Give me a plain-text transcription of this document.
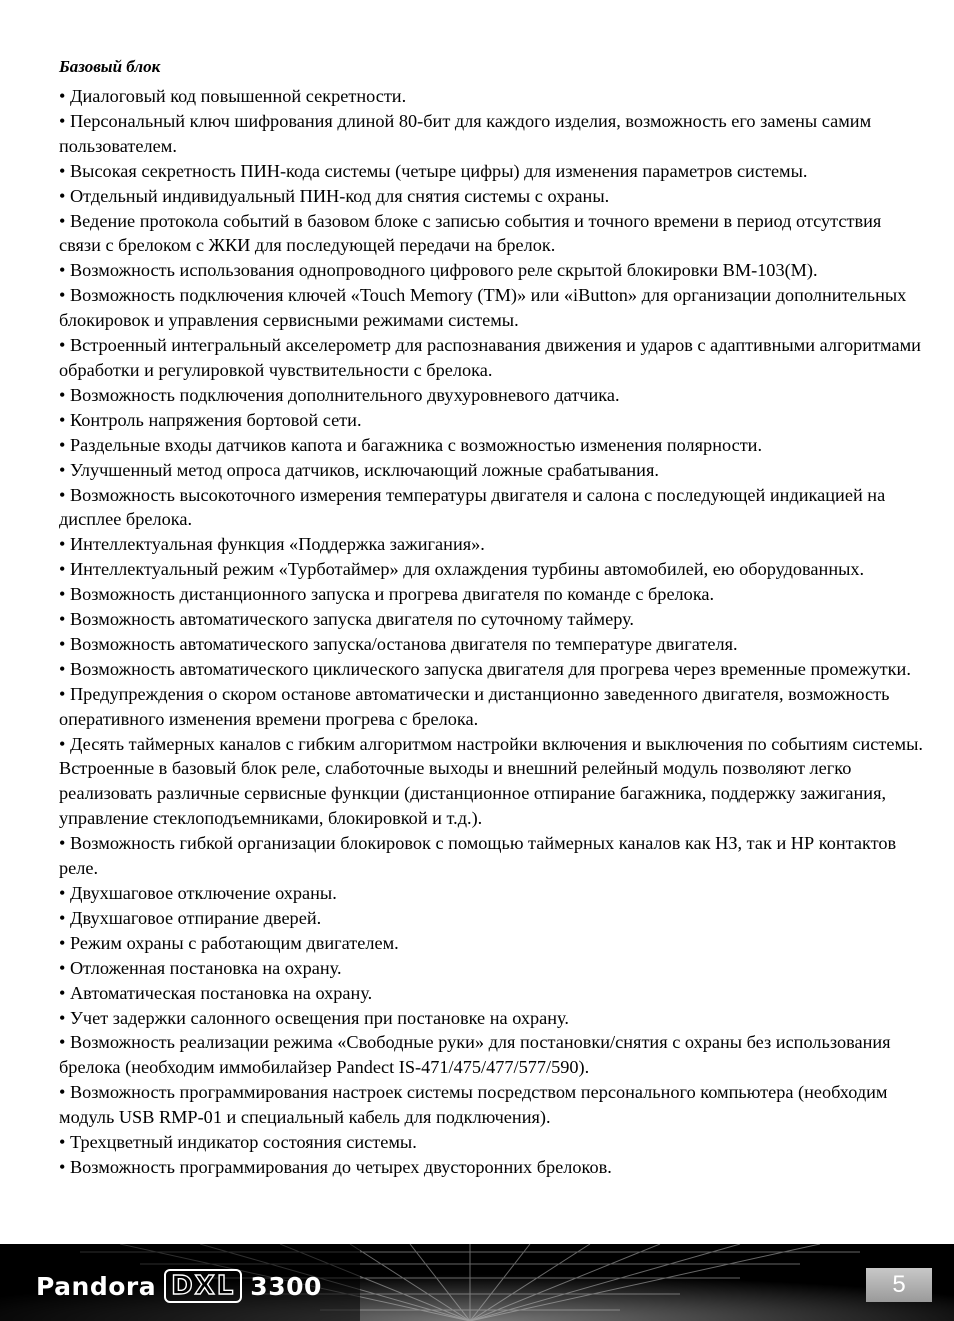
Базовый блок
• Диалоговый код повышенной секретности.
• Персональный ключ шифрования длиной 80-бит для каждого изделия, возможность его замены самим пользователем.
• Высокая секретность ПИН-кода системы (четыре цифры) для изменения параметров системы.
• Отдельный индивидуальный ПИН-код для снятия системы с охраны.
• Ведение протокола событий в базовом блоке с записью события и точного времени в период отсутствия связи с брелоком с ЖКИ для последующей передачи на брелок.
• Возможность использования однопроводного цифрового реле скрытой блокировки BM-103(M).
• Возможность подключения ключей «Touch Memory (TM)» или «iButton» для организации дополнительных блокировок и управления сервисными режимами системы.
• Встроенный интегральный акселерометр для распознавания движения и ударов с адаптивными алгоритмами обработки и регулировкой чувствительности с брелока.
• Возможность подключения дополнительного двухуровневого датчика.
• Контроль напряжения бортовой сети.
• Раздельные входы датчиков капота и багажника с возможностью изменения полярности.
• Улучшенный метод опроса датчиков, исключающий ложные срабатывания.
• Возможность высокоточного измерения температуры двигателя и салона с последующей индикацией на дисплее брелока.
• Интеллектуальная функция «Поддержка зажигания».
• Интеллектуальный режим «Турботаймер» для охлаждения турбины автомобилей, ею оборудованных.
• Возможность дистанционного запуска и прогрева двигателя по команде с брелока.
• Возможность автоматического запуска двигателя по суточному таймеру.
• Возможность автоматического запуска/останова двигателя по температуре двигателя.
• Возможность автоматического циклического запуска двигателя для прогрева через временные промежутки.
• Предупреждения о скором останове автоматически и дистанционно заведенного двигателя, возможность оперативного изменения времени прогрева с брелока.
• Десять таймерных каналов с гибким алгоритмом настройки включения и выключения по событиям системы. Встроенные в базовый блок реле, слаботочные выходы и внешний релейный модуль позволяют легко реализовать различные сервисные функции (дистанционное отпирание багажника, поддержку зажигания, управление стеклоподъемниками, блокировкой и т.д.).
• Возможность гибкой организации блокировок с помощью таймерных каналов как НЗ, так и НР контактов реле.
• Двухшаговое отключение охраны.
• Двухшаговое отпирание дверей.
• Режим охраны с работающим двигателем.
• Отложенная постановка на охрану.
• Автоматическая постановка на охрану.
• Учет задержки салонного освещения при постановке на охрану.
• Возможность реализации режима «Свободные руки» для постановки/снятия с охраны без использования брелока (необходим иммобилайзер Pandect IS-471/475/477/577/590).
• Возможность программирования настроек системы посредством персонального компьютера (необходим модуль USB RMP-01 и специальный кабель для подключения).
• Трехцветный индикатор состояния системы.
• Возможность программирования до четырех двусторонних брелоков.
Pandora DXL 3300	5
